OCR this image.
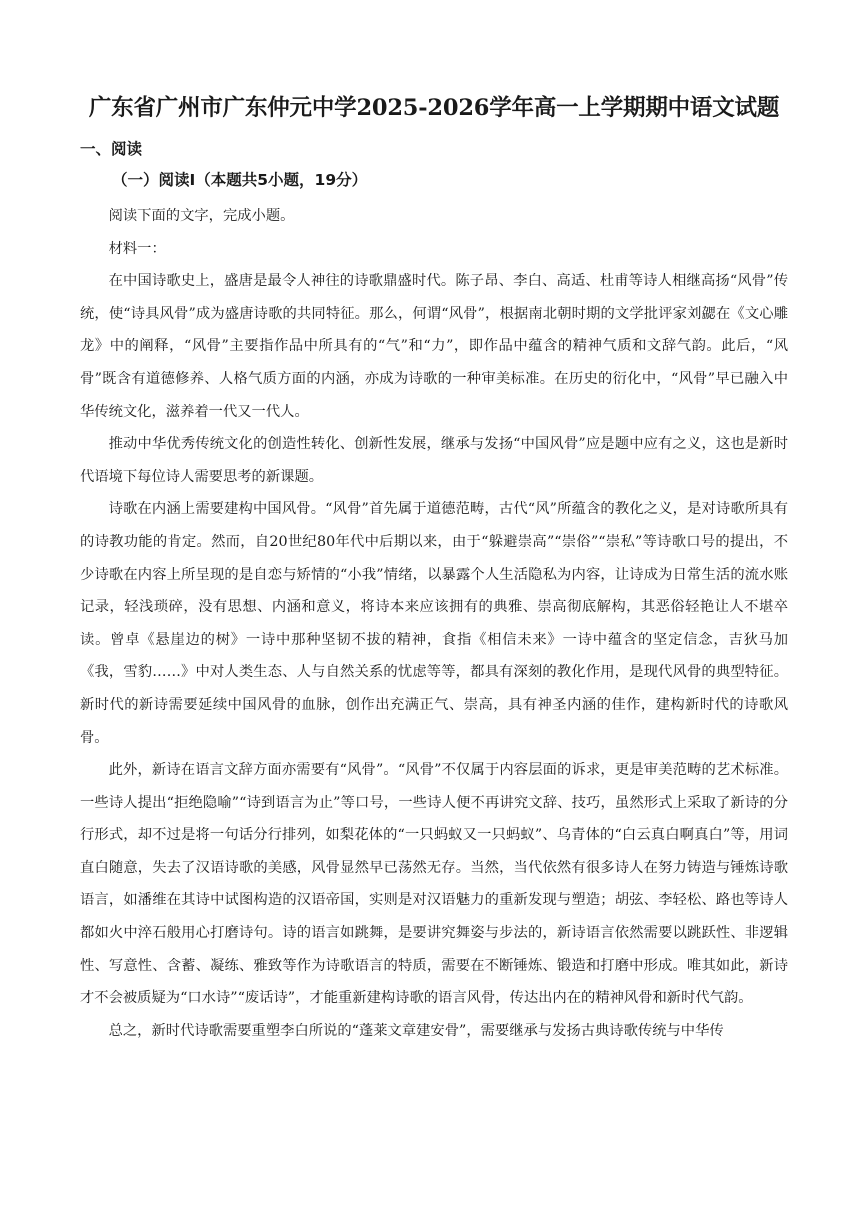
广东省广州市广东仲元中学2025-2026学年高一上学期期中语文试题
一、阅读
（一）阅读Ⅰ（本题共5小题，19分）

阅读下面的文字，完成小题。

材料一：

在中国诗歌史上，盛唐是最令人神往的诗歌鼎盛时代。陈子昂、李白、高适、杜甫等诗人相继高扬“风骨”传统，使“诗具风骨”成为盛唐诗歌的共同特征。那么，何谓“风骨”，根据南北朝时期的文学批评家刘勰在《文心雕龙》中的阐释，“风骨”主要指作品中所具有的“气”和“力”，即作品中蕴含的精神气质和文辞气韵。此后，“风骨”既含有道德修养、人格气质方面的内涵，亦成为诗歌的一种审美标准。在历史的衍化中，“风骨”早已融入中华传统文化，滋养着一代又一代人。

推动中华优秀传统文化的创造性转化、创新性发展，继承与发扬“中国风骨”应是题中应有之义，这也是新时代语境下每位诗人需要思考的新课题。

诗歌在内涵上需要建构中国风骨。“风骨”首先属于道德范畴，古代“风”所蕴含的教化之义，是对诗歌所具有的诗教功能的肯定。然而，自20世纪80年代中后期以来，由于“躲避崇高”“崇俗”“崇私”等诗歌口号的提出，不少诗歌在内容上所呈现的是自恋与矫情的“小我”情绪，以暴露个人生活隐私为内容，让诗成为日常生活的流水账记录，轻浅琐碎，没有思想、内涵和意义，将诗本来应该拥有的典雅、崇高彻底解构，其恶俗轻艳让人不堪卒读。曾卓《悬崖边的树》一诗中那种坚韧不拔的精神，食指《相信未来》一诗中蕴含的坚定信念，吉狄马加《我，雪豹……》中对人类生态、人与自然关系的忧虑等等，都具有深刻的教化作用，是现代风骨的典型特征。新时代的新诗需要延续中国风骨的血脉，创作出充满正气、崇高，具有神圣内涵的佳作，建构新时代的诗歌风骨。

此外，新诗在语言文辞方面亦需要有“风骨”。“风骨”不仅属于内容层面的诉求，更是审美范畴的艺术标准。一些诗人提出“拒绝隐喻”“诗到语言为止”等口号，一些诗人便不再讲究文辞、技巧，虽然形式上采取了新诗的分行形式，却不过是将一句话分行排列，如梨花体的“一只蚂蚁又一只蚂蚁”、乌青体的“白云真白啊真白”等，用词直白随意，失去了汉语诗歌的美感，风骨显然早已荡然无存。当然，当代依然有很多诗人在努力铸造与锤炼诗歌语言，如潘维在其诗中试图构造的汉语帝国，实则是对汉语魅力的重新发现与塑造；胡弦、李轻松、路也等诗人都如火中淬石般用心打磨诗句。诗的语言如跳舞，是要讲究舞姿与步法的，新诗语言依然需要以跳跃性、非逻辑性、写意性、含蓄、凝练、雅致等作为诗歌语言的特质，需要在不断锤炼、锻造和打磨中形成。唯其如此，新诗才不会被质疑为“口水诗”“废话诗”，才能重新建构诗歌的语言风骨，传达出内在的精神风骨和新时代气韵。

总之，新时代诗歌需要重塑李白所说的“蓬莱文章建安骨”，需要继承与发扬古典诗歌传统与中华传
